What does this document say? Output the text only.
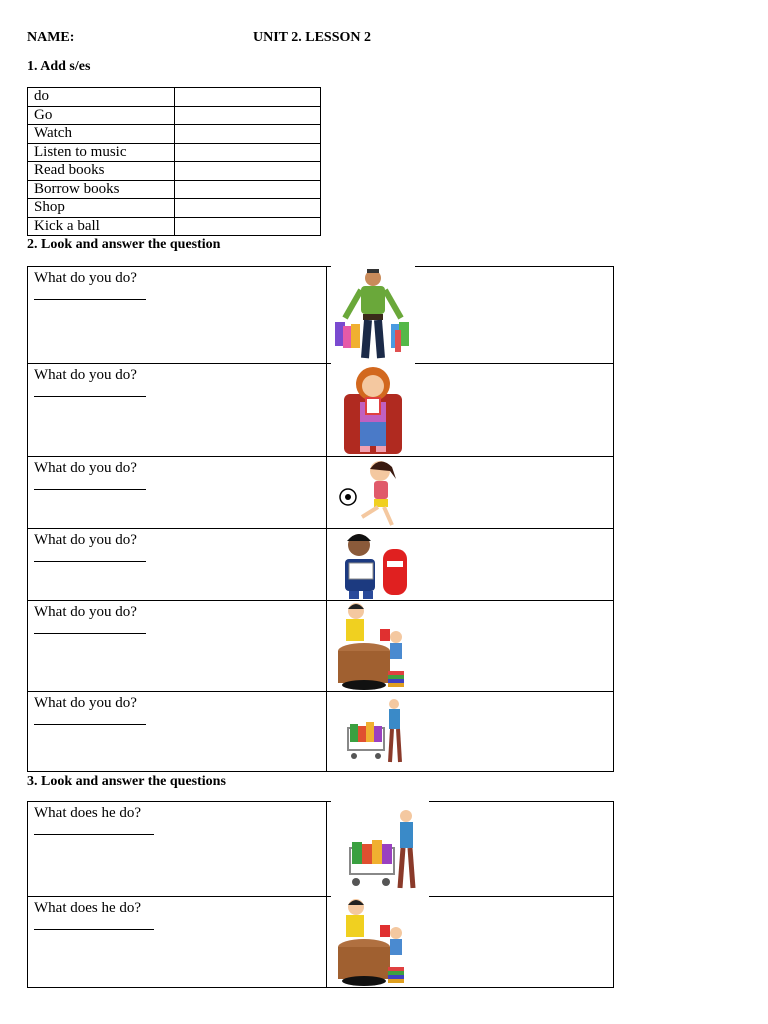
NAME:	UNIT 2. LESSON 2
1. Add s/es
do	
Go	
Watch	
Listen to music	
Read books	
Borrow books	
Shop	
Kick a ball	
2. Look and answer the question
What do you do?

What do you do?

What do you do?

What do you do?

What do you do?

What do you do?

3. Look and answer the questions
What does he do?

What does he do?
